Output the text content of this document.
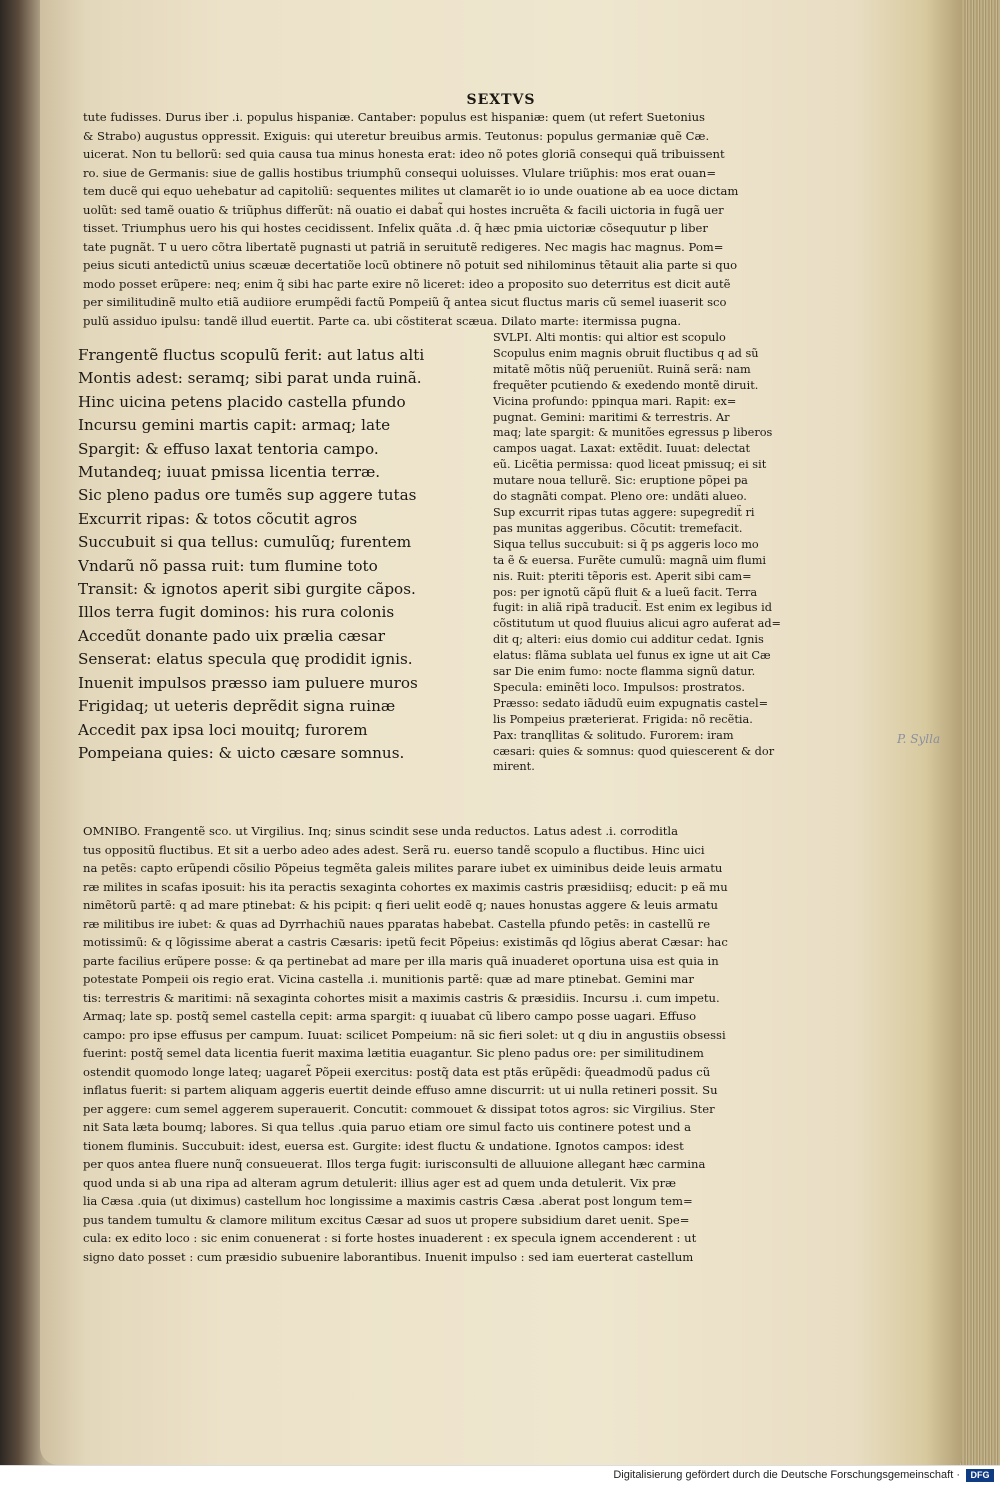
SEXTVS
tute fudisses. Durus iber .i. populus hispaniæ. Cantaber: populus est hispaniæ: quem (ut refert Suetonius
& Strabo) augustus oppressit. Exiguis: qui uteretur breuibus armis. Teutonus: populus germaniæ quẽ Cæ.
uicerat. Non tu bellorũ: sed quia causa tua minus honesta erat: ideo nõ potes gloriã consequi quã tribuissent
ro. siue de Germanis: siue de gallis hostibus triumphũ consequi uoluisses. Vlulare triũphis: mos erat ouan=
tem ducẽ qui equo uehebatur ad capitoliũ: sequentes milites ut clamarẽt io io unde ouatione ab ea uoce dictam
uolũt: sed tamẽ ouatio & triũphus differũt: nã ouatio ei dabat̃ qui hostes incruẽta & facili uictoria in fugã uer
tisset. Triumphus uero his qui hostes cecidissent. Infelix quãta .d. q̃ hæc pmia uictoriæ cõsequutur p liber
tate pugnãt. T u uero cõtra libertatẽ pugnasti ut patriã in seruitutẽ redigeres. Nec magis hac magnus. Pom=
peius sicuti antedictũ unius scæuæ decertatiõe locũ obtinere nõ potuit sed nihilominus tẽtauit alia parte si quo
modo posset erũpere: neq; enim q̃ sibi hac parte exire nõ liceret: ideo a proposito suo deterritus est dicit autẽ
per similitudinẽ multo etiã audiiore erumpẽdi factũ Pompeiũ q̃ antea sicut fluctus maris cũ semel iuaserit sco
pulũ assiduo ipulsu: tandẽ illud euertit. Parte ca. ubi cõstiterat scæua. Dilato marte: itermissa pugna.
Frangentẽ fluctus scopulũ ferit: aut latus alti
Montis adest: seramq; sibi parat unda ruinã.
Hinc uicina petens placido castella pfundo
Incursu gemini martis capit: armaq; late
Spargit: & effuso laxat tentoria campo.
Mutandeq; iuuat pmissa licentia terræ.
Sic pleno padus ore tumẽs sup aggere tutas
Excurrit ripas: & totos cõcutit agros
Succubuit si qua tellus: cumulũq; furentem
Vndarũ nõ passa ruit: tum flumine toto
Transit: & ignotos aperit sibi gurgite cãpos.
Illos terra fugit dominos: his rura colonis
Accedũt donante pado uix prælia cæsar
Senserat: elatus specula quę prodidit ignis.
Inuenit impulsos præsso iam puluere muros
Frigidaq; ut ueteris deprẽdit signa ruinæ
Accedit pax ipsa loci mouitq; furorem
Pompeiana quies: & uicto cæsare somnus.
SVLPI. Alti montis: qui altior est scopulo
Scopulus enim magnis obruit fluctibus q ad sũ
mitatẽ mõtis nũq̃ perueniũt. Ruinã serã: nam
frequẽter pcutiendo & exedendo montẽ diruit.
Vicina profundo: ppinqua mari. Rapit: ex=
pugnat. Gemini: maritimi & terrestris. Ar
maq; late spargit: & munitões egressus p liberos
campos uagat. Laxat: extẽdit. Iuuat: delectat
eũ. Licẽtia permissa: quod liceat pmissuq; ei sit
mutare noua tellurẽ. Sic: eruptione põpei pa
do stagnãti compat. Pleno ore: undãti alueo.
Sup excurrit ripas tutas aggere: supegredit̃ ri
pas munitas aggeribus. Cõcutit: tremefacit.
Siqua tellus succubuit: si q̃ ps aggeris loco mo
ta ẽ & euersa. Furẽte cumulũ: magnã uim flumi
nis. Ruit: pteriti tẽporis est. Aperit sibi cam=
pos: per ignotũ cãpũ fluit & a lueũ facit. Terra
fugit: in aliã ripã traducit̃. Est enim ex legibus id
cõstitutum ut quod fluuius alicui agro auferat ad=
dit q; alteri: eius domio cui additur cedat. Ignis
elatus: flãma sublata uel funus ex igne ut ait Cæ
sar Die enim fumo: nocte flamma signũ datur.
Specula: eminẽti loco. Impulsos: prostratos.
Præsso: sedato iãdudũ euim expugnatis castel=
lis Pompeius præterierat. Frigida: nõ recẽtia.
Pax: tranqllitas & solitudo. Furorem: iram
cæsari: quies & somnus: quod quiescerent & dor
mirent.
P. Sylla
OMNIBO. Frangentẽ sco. ut Virgilius. Inq; sinus scindit sese unda reductos. Latus adest .i. corroditla
tus oppositũ fluctibus. Et sit a uerbo adeo ades adest. Serã ru. euerso tandẽ scopulo a fluctibus. Hinc uici
na petẽs: capto erũpendi cõsilio Põpeius tegmẽta galeis milites parare iubet ex uiminibus deide leuis armatu
ræ milites in scafas iposuit: his ita peractis sexaginta cohortes ex maximis castris præsidiisq; educit: p eã mu
nimẽtorũ partẽ: q ad mare ptinebat: & his pcipit: q fieri uelit eodẽ q; naues honustas aggere & leuis armatu
ræ militibus ire iubet: & quas ad Dyrrhachiũ naues pparatas habebat. Castella pfundo petẽs: in castellũ re
motissimũ: & q lõgissime aberat a castris Cæsaris: ipetũ fecit Põpeius: existimãs qd lõgius aberat Cæsar: hac
parte facilius erũpere posse: & qa pertinebat ad mare per illa maris quã inuaderet oportuna uisa est quia in
potestate Pompeii ois regio erat. Vicina castella .i. munitionis partẽ: quæ ad mare ptinebat. Gemini mar
tis: terrestris & maritimi: nã sexaginta cohortes misit a maximis castris & præsidiis. Incursu .i. cum impetu.
Armaq; late sp. postq̃ semel castella cepit: arma spargit: q iuuabat cũ libero campo posse uagari. Effuso
campo: pro ipse effusus per campum. Iuuat: scilicet Pompeium: nã sic fieri solet: ut q diu in angustiis obsessi
fuerint: postq̃ semel data licentia fuerit maxima lætitia euagantur. Sic pleno padus ore: per similitudinem
ostendit quomodo longe lateq; uagaret̃ Põpeii exercitus: postq̃ data est ptãs erũpẽdi: q̃ueadmodũ padus cũ
inflatus fuerit: si partem aliquam aggeris euertit deinde effuso amne discurrit: ut ui nulla retineri possit. Su
per aggere: cum semel aggerem superauerit. Concutit: commouet & dissipat totos agros: sic Virgilius. Ster
nit Sata læta boumq; labores. Si qua tellus .quia paruo etiam ore simul facto uis continere potest und a
tionem fluminis. Succubuit: idest, euersa est. Gurgite: idest fluctu & undatione. Ignotos campos: idest
per quos antea fluere nunq̃ consueuerat. Illos terga fugit: iurisconsulti de alluuione allegant hæc carmina
quod unda si ab una ripa ad alteram agrum detulerit: illius ager est ad quem unda detulerit. Vix præ
lia Cæsa .quia (ut diximus) castellum hoc longissime a maximis castris Cæsa .aberat post longum tem=
pus tandem tumultu & clamore militum excitus Cæsar ad suos ut propere subsidium daret uenit. Spe=
cula: ex edito loco : sic enim conuenerat : si forte hostes inuaderent : ex specula ignem accenderent : ut
signo dato posset : cum præsidio subuenire laborantibus. Inuenit impulso : sed iam euerterat castellum
Digitalisierung gefördert durch die Deutsche Forschungsgemeinschaft ·	DFG
